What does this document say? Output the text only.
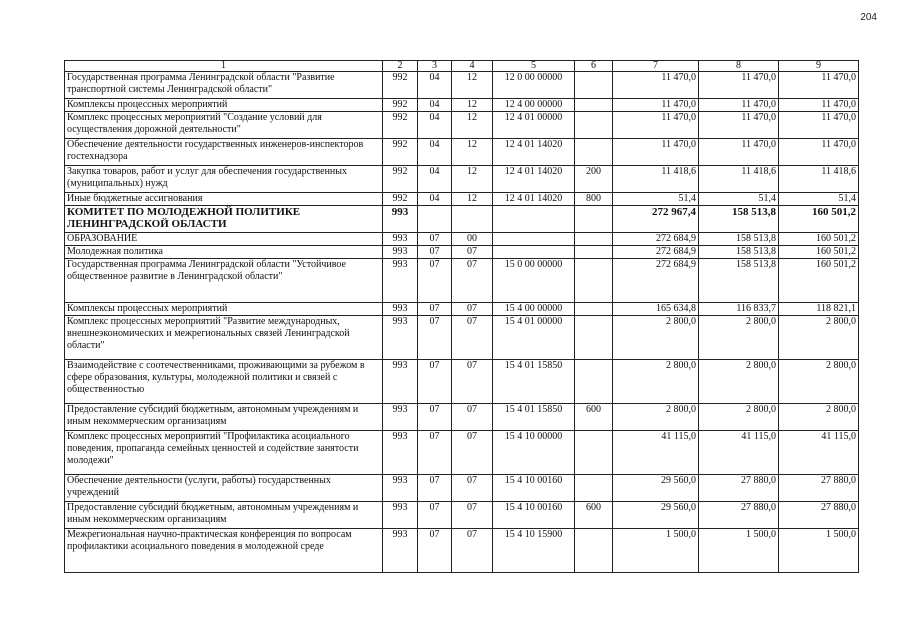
204
1	2	3	4	5	6	7	8	9
Государственная программа Ленинградской области "Развитие транспортной системы Ленинградской области"	992	04	12	12 0 00 00000		11 470,0	11 470,0	11 470,0
Комплексы процессных мероприятий	992	04	12	12 4 00 00000		11 470,0	11 470,0	11 470,0
Комплекс процессных мероприятий "Создание условий для осуществления дорожной деятельности"	992	04	12	12 4 01 00000		11 470,0	11 470,0	11 470,0
Обеспечение деятельности государственных инженеров-инспекторов гостехнадзора	992	04	12	12 4 01 14020		11 470,0	11 470,0	11 470,0
Закупка товаров, работ и услуг для обеспечения государственных (муниципальных) нужд	992	04	12	12 4 01 14020	200	11 418,6	11 418,6	11 418,6
Иные бюджетные ассигнования	992	04	12	12 4 01 14020	800	51,4	51,4	51,4
КОМИТЕТ ПО МОЛОДЕЖНОЙ ПОЛИТИКЕ ЛЕНИНГРАДСКОЙ ОБЛАСТИ	993					272 967,4	158 513,8	160 501,2
ОБРАЗОВАНИЕ	993	07	00			272 684,9	158 513,8	160 501,2
Молодежная политика	993	07	07			272 684,9	158 513,8	160 501,2
Государственная программа Ленинградской области "Устойчивое общественное развитие в Ленинградской области"	993	07	07	15 0 00 00000		272 684,9	158 513,8	160 501,2
Комплексы процессных мероприятий	993	07	07	15 4 00 00000		165 634,8	116 833,7	118 821,1
Комплекс процессных мероприятий "Развитие международных, внешнеэкономических и межрегиональных связей Ленинградской области"	993	07	07	15 4 01 00000		2 800,0	2 800,0	2 800,0
Взаимодействие с соотечественниками, проживающими за рубежом в сфере образования, культуры, молодежной политики и связей с общественностью	993	07	07	15 4 01 15850		2 800,0	2 800,0	2 800,0
Предоставление субсидий бюджетным, автономным учреждениям и иным некоммерческим организациям	993	07	07	15 4 01 15850	600	2 800,0	2 800,0	2 800,0
Комплекс процессных мероприятий "Профилактика асоциального поведения, пропаганда семейных ценностей и содействие занятости молодежи"	993	07	07	15 4 10 00000		41 115,0	41 115,0	41 115,0
Обеспечение деятельности (услуги, работы) государственных учреждений	993	07	07	15 4 10 00160		29 560,0	27 880,0	27 880,0
Предоставление субсидий бюджетным, автономным учреждениям и иным некоммерческим организациям	993	07	07	15 4 10 00160	600	29 560,0	27 880,0	27 880,0
Межрегиональная научно-практическая конференция по вопросам профилактики асоциального поведения в молодежной среде	993	07	07	15 4 10 15900		1 500,0	1 500,0	1 500,0
